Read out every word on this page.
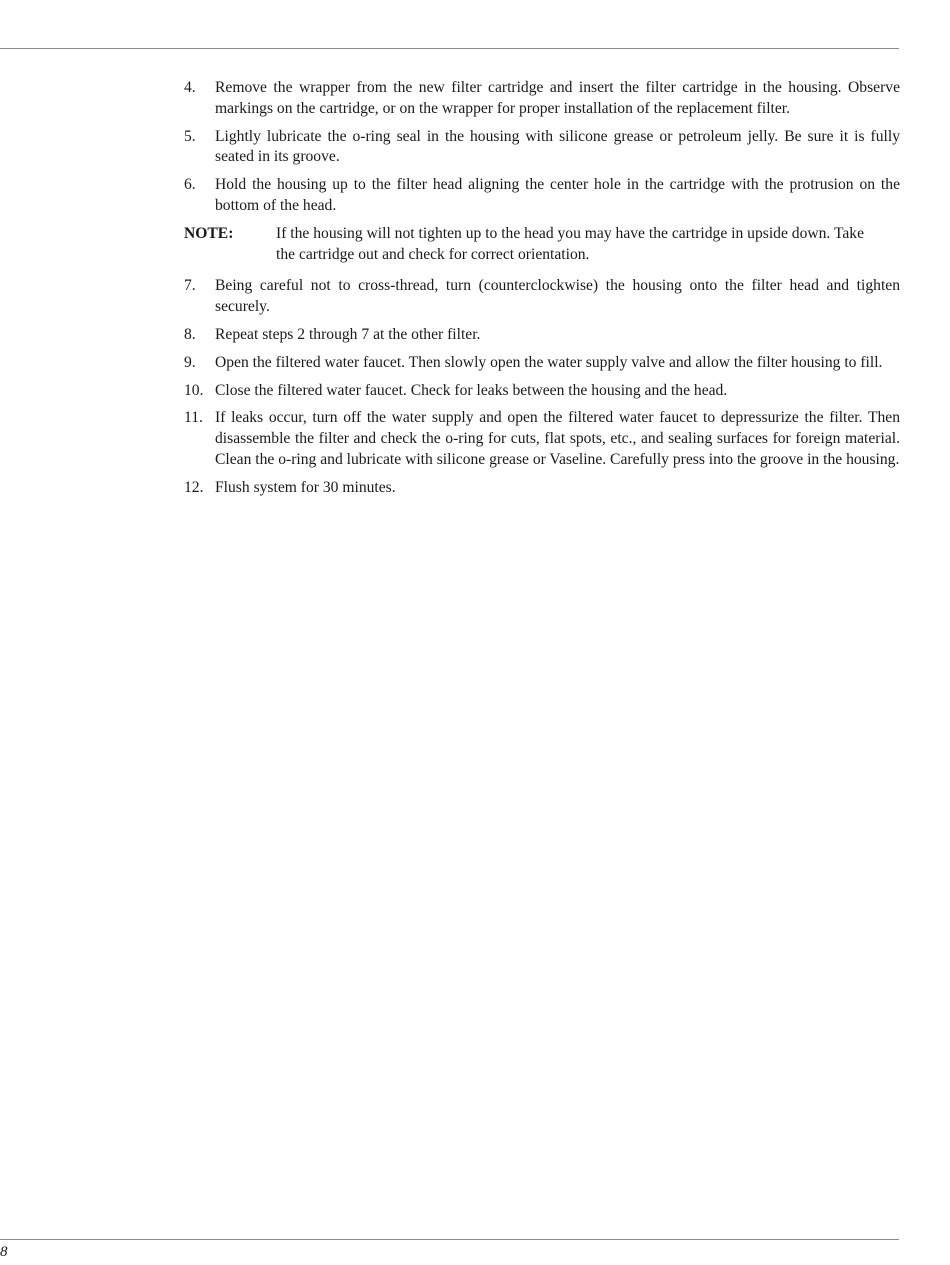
4.	Remove the wrapper from the new filter cartridge and insert the filter cartridge in the housing. Observe markings on the cartridge, or on the wrapper for proper installation of the replacement filter.
5.	Lightly lubricate the o-ring seal in the housing with silicone grease or petroleum jelly. Be sure it is fully seated in its groove.
6.	Hold the housing up to the filter head aligning the center hole in the cartridge with the protrusion on the bottom of the head.
NOTE:	If the housing will not tighten up to the head you may have the cartridge in upside down. Take the cartridge out and check for correct orientation.
7.	Being careful not to cross-thread, turn (counterclockwise) the housing onto the filter head and tighten securely.
8.	Repeat steps 2 through 7 at the other filter.
9.	Open the filtered water faucet. Then slowly open the water supply valve and allow the filter housing to fill.
10. Close the filtered water faucet. Check for leaks between the housing and the head.
11. If leaks occur, turn off the water supply and open the filtered water faucet to depressurize the filter. Then disassemble the filter and check the o-ring for cuts, flat spots, etc., and sealing surfaces for foreign material. Clean the o-ring and lubricate with silicone grease or Vaseline. Carefully press into the groove in the housing.
12. Flush system for 30 minutes.
8
